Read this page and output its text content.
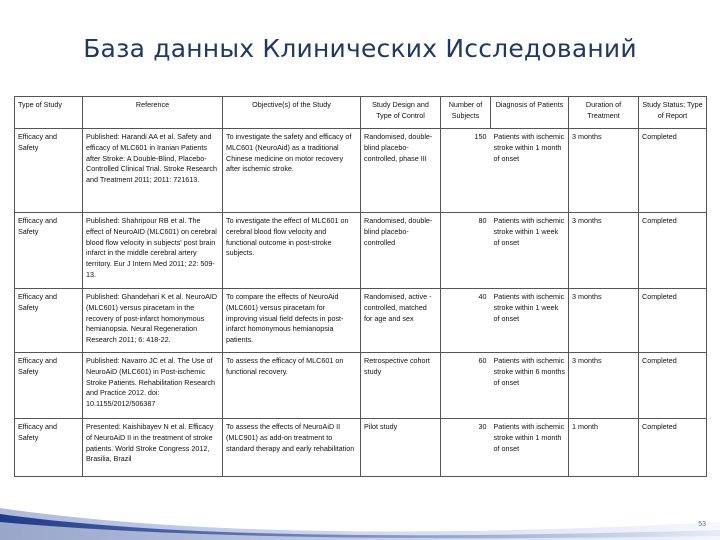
База данных Клинических Исследований
Type of Study	Reference	Objective(s) of the Study	Study Design and Type of Control	Number of Subjects	Diagnosis of Patients	Duration of Treatment	Study Status; Type of Report
Efficacy and Safety	Published: Harandi AA et al. Safety and efficacy of MLC601 in Iranian Patients after Stroke: A Double-Blind, Placebo-Controlled Clinical Trial. Stroke Research and Treatment 2011; 2011: 721613.	To investigate the safety and efficacy of MLC601 (NeuroAid) as a traditional Chinese medicine on motor recovery after ischemic stroke.	Randomised, double-blind placebo-controlled, phase III	150	Patients with ischemic stroke within 1 month of onset	3 months	Completed
Efficacy and Safety	Published: Shahripour RB et al. The effect of NeuroAID (MLC601) on cerebral blood flow velocity in subjects' post brain infarct in the middle cerebral artery territory. Eur J Intern Med 2011; 22: 509-13.	To investigate the effect of MLC601 on cerebral blood flow velocity and functional outcome in post-stroke subjects.	Randomised, double-blind placebo-controlled	80	Patients with ischemic stroke within 1 week of onset	3 months	Completed
Efficacy and Safety	Published: Ghandehari K et al. NeuroAID (MLC601) versus piracetam in the recovery of post-infarct homonymous hemianopsia. Neural Regeneration Research 2011; 6: 418-22.	To compare the effects of NeuroAid (MLC601) versus piracetam for improving visual field defects in post-infarct homonymous hemianopsia patients.	Randomised, active -controlled, matched for age and sex	40	Patients with ischemic stroke within 1 week of onset	3 months	Completed
Efficacy and Safety	Published: Navarro JC et al. The Use of NeuroAiD (MLC601) in Post-ischemic Stroke Patients. Rehabilitation Research and Practice 2012. doi: 10.1155/2012/506387	To assess the efficacy of MLC601 on functional recovery.	Retrospective cohort study	60	Patients with ischemic stroke within 6 months of onset	3 months	Completed
Efficacy and Safety	Presented: Kaishibayev N et al. Efficacy of NeuroAiD II in the treatment of stroke patients. World Stroke Congress 2012, Brasilia, Brazil	To assess the effects of NeuroAiD II (MLC901) as add-on treatment to standard therapy and early rehabilitation	Pilot study	30	Patients with ischemic stroke within 1 month of onset	1 month	Completed
53
